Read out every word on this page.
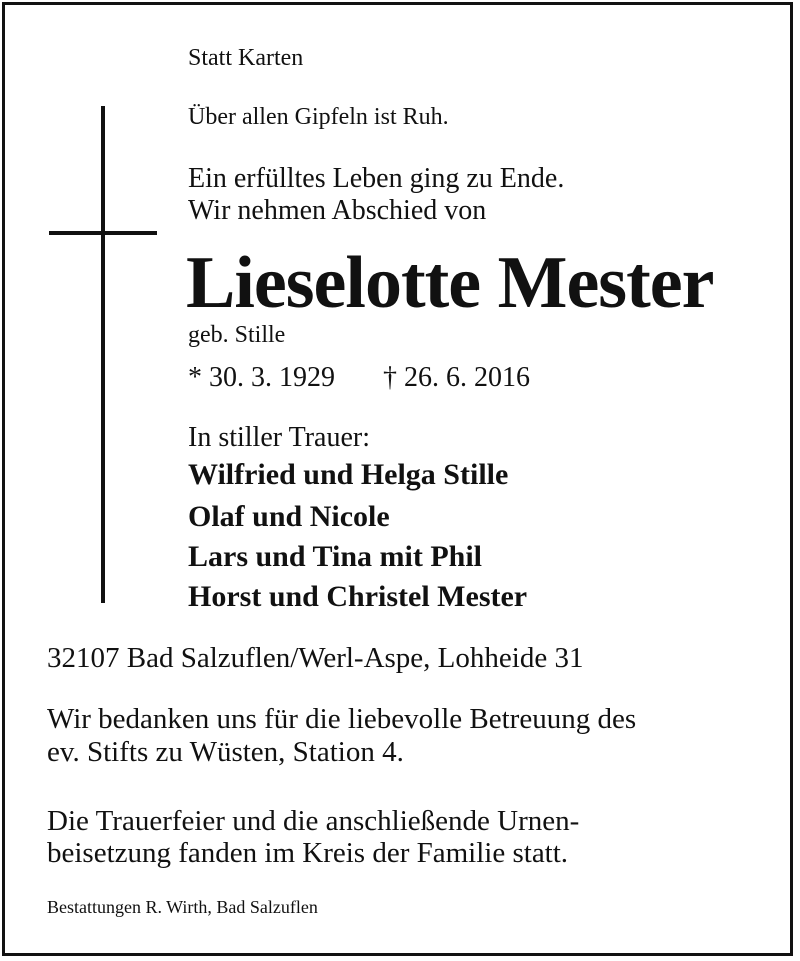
Statt Karten
Über allen Gipfeln ist Ruh.
Ein erfülltes Leben ging zu Ende.
Wir nehmen Abschied von
Lieselotte Mester
geb. Stille
* 30. 3. 1929 † 26. 6. 2016
In stiller Trauer:
Wilfried und Helga Stille
Olaf und Nicole
Lars und Tina mit Phil
Horst und Christel Mester
32107 Bad Salzuflen/Werl-Aspe, Lohheide 31
Wir bedanken uns für die liebevolle Betreuung des
ev. Stifts zu Wüsten, Station 4.
Die Trauerfeier und die anschließende Urnen-
beisetzung fanden im Kreis der Familie statt.
Bestattungen R. Wirth, Bad Salzuflen
